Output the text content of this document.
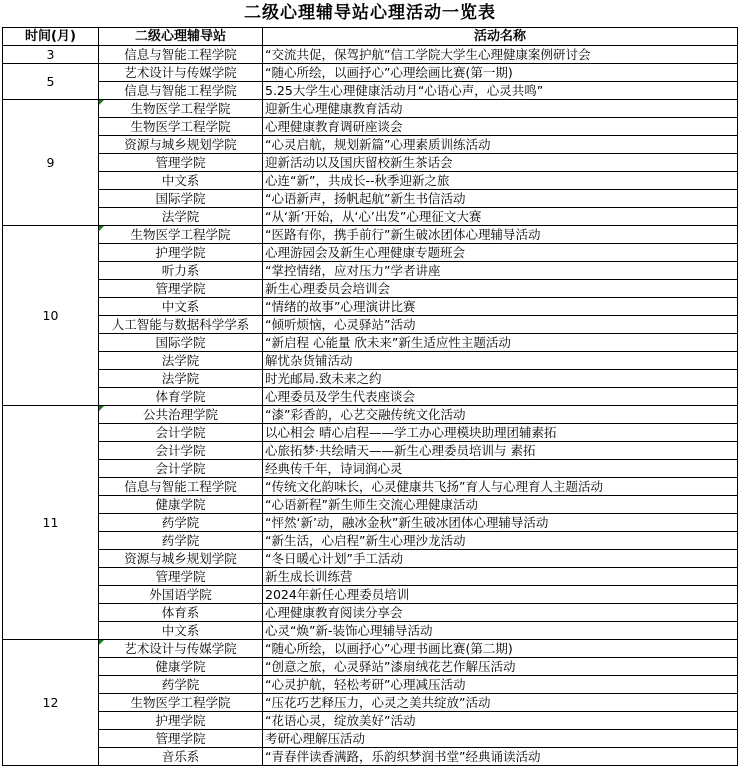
二级心理辅导站心理活动一览表
时间(月)	二级心理辅导站	活动名称
3	信息与智能工程学院	“交流共促，保驾护航”信工学院大学生心理健康案例研讨会
5	艺术设计与传媒学院	“随心所绘，以画抒心”心理绘画比赛(第一期)
	信息与智能工程学院	5.25大学生心理健康活动月“心语心声，心灵共鸣”
9	生物医学工程学院	迎新生心理健康教育活动
	生物医学工程学院	心理健康教育调研座谈会
	资源与城乡规划学院	“心灵启航，规划新篇”心理素质训练活动
	管理学院	迎新活动以及国庆留校新生茶话会
	中文系	心连“新”，共成长--秋季迎新之旅
	国际学院	“心语新声，扬帆起航”新生书信活动
	法学院	“从‘新’开始，从‘心’出发”心理征文大赛
10	生物医学工程学院	“医路有你，携手前行”新生破冰团体心理辅导活动
	护理学院	心理游园会及新生心理健康专题班会
	听力系	“掌控情绪，应对压力”学者讲座
	管理学院	新生心理委员会培训会
	中文系	“情绪的故事”心理演讲比赛
	人工智能与数据科学学系	“倾听烦恼，心灵驿站”活动
	国际学院	“新启程 心能量 欣未来”新生适应性主题活动
	法学院	解忧杂货铺活动
	法学院	时光邮局.致未来之约
	体育学院	心理委员及学生代表座谈会
11	公共治理学院	“漆”彩香韵，心艺交融传统文化活动
	会计学院	以心相会 晴心启程——学工办心理模块助理团辅素拓
	会计学院	心旅拓梦·共绘晴天——新生心理委员培训与 素拓
	会计学院	经典传千年，诗词润心灵
	信息与智能工程学院	“传统文化韵味长，心灵健康共飞扬”育人与心理育人主题活动
	健康学院	“心语新程”新生师生交流心理健康活动
	药学院	“怦然‘新’动，融冰金秋”新生破冰团体心理辅导活动
	药学院	“新生活，心启程”新生心理沙龙活动
	资源与城乡规划学院	“冬日暖心计划”手工活动
	管理学院	新生成长训练营
	外国语学院	2024年新任心理委员培训
	体育系	心理健康教育阅读分享会
	中文系	心灵“焕”新-装饰心理辅导活动
12	艺术设计与传媒学院	“随心所绘，以画抒心”心理书画比赛(第二期)
	健康学院	“创意之旅，心灵驿站”漆扇绒花艺作解压活动
	药学院	“心灵护航，轻松考研”心理减压活动
	生物医学工程学院	“压花巧艺释压力，心灵之美共绽放”活动
	护理学院	“花语心灵，绽放美好”活动
	管理学院	考研心理解压活动
	音乐系	“青春伴读香满路，乐韵织梦润书堂”经典诵读活动
